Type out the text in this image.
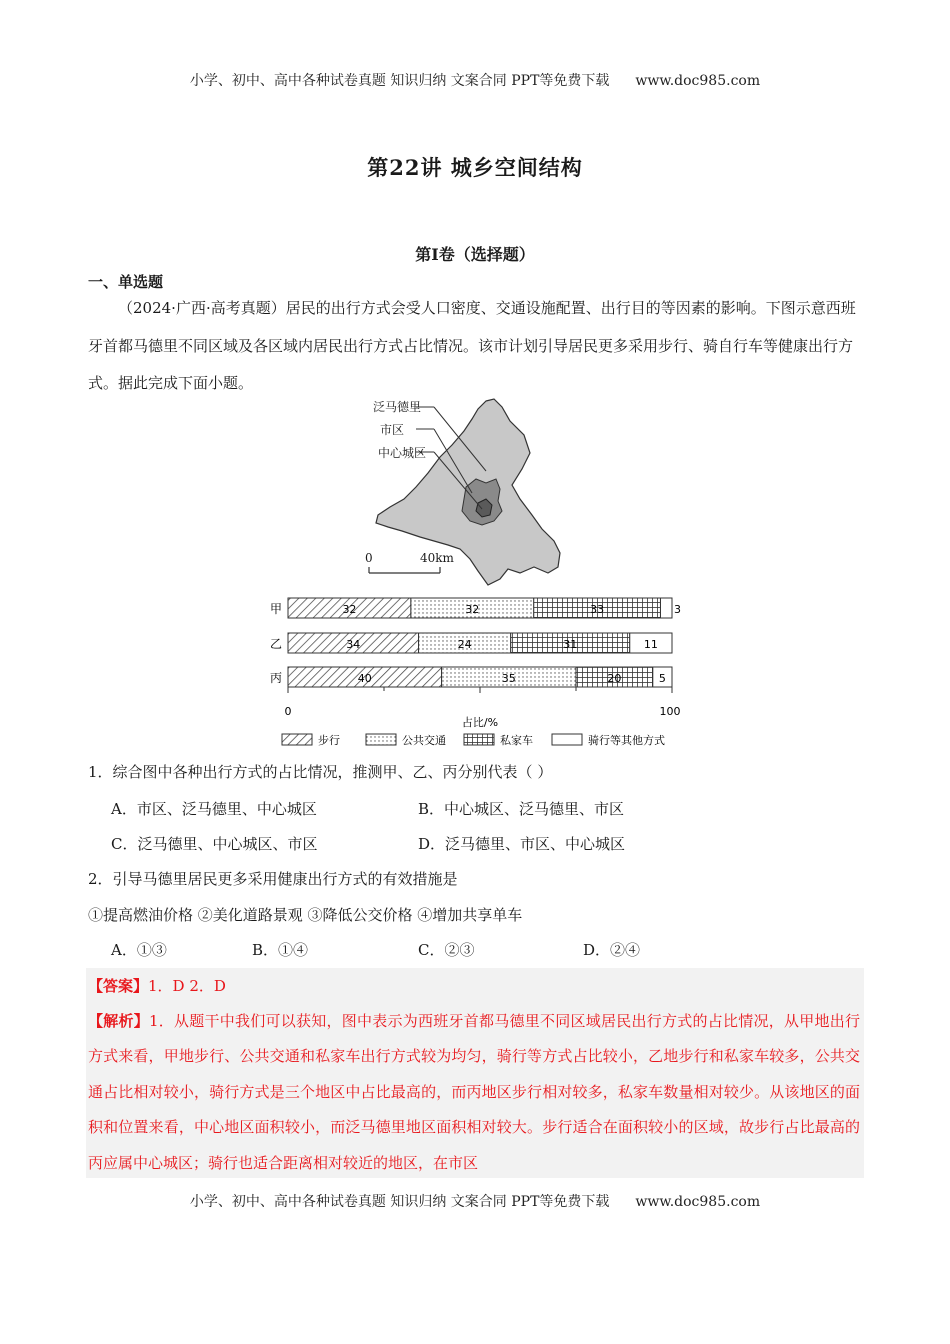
小学、初中、高中各种试卷真题 知识归纳 文案合同 PPT等免费下载 www.doc985.com
第22讲 城乡空间结构
第I卷（选择题）
一、单选题
（2024·广西·高考真题）居民的出行方式会受人口密度、交通设施配置、出行目的等因素的影响。下图示意西班牙首都马德里不同区域及各区域内居民出行方式占比情况。该市计划引导居民更多采用步行、骑自行车等健康出行方式。据此完成下面小题。
泛马德里
市区
中心城区
0	40km
甲	32	32	33	3
乙	34	24	31	11
丙	40	35	20	5
0	100
占比/%
步行	公共交通	私家车	骑行等其他方式
1．综合图中各种出行方式的占比情况，推测甲、乙、丙分别代表（ ）
A．市区、泛马德里、中心城区	B．中心城区、泛马德里、市区
C．泛马德里、中心城区、市区	D．泛马德里、市区、中心城区
2．引导马德里居民更多采用健康出行方式的有效措施是
①提高燃油价格 ②美化道路景观 ③降低公交价格 ④增加共享单车
A．①③	B．①④	C．②③	D．②④
【答案】1．D 2．D
【解析】1．从题干中我们可以获知，图中表示为西班牙首都马德里不同区域居民出行方式的占比情况，从甲地出行方式来看，甲地步行、公共交通和私家车出行方式较为均匀，骑行等方式占比较小，乙地步行和私家车较多，公共交通占比相对较小，骑行方式是三个地区中占比最高的，而丙地区步行相对较多，私家车数量相对较少。从该地区的面积和位置来看，中心地区面积较小，而泛马德里地区面积相对较大。步行适合在面积较小的区域，故步行占比最高的丙应属中心城区；骑行也适合距离相对较近的地区，在市区
小学、初中、高中各种试卷真题 知识归纳 文案合同 PPT等免费下载 www.doc985.com
